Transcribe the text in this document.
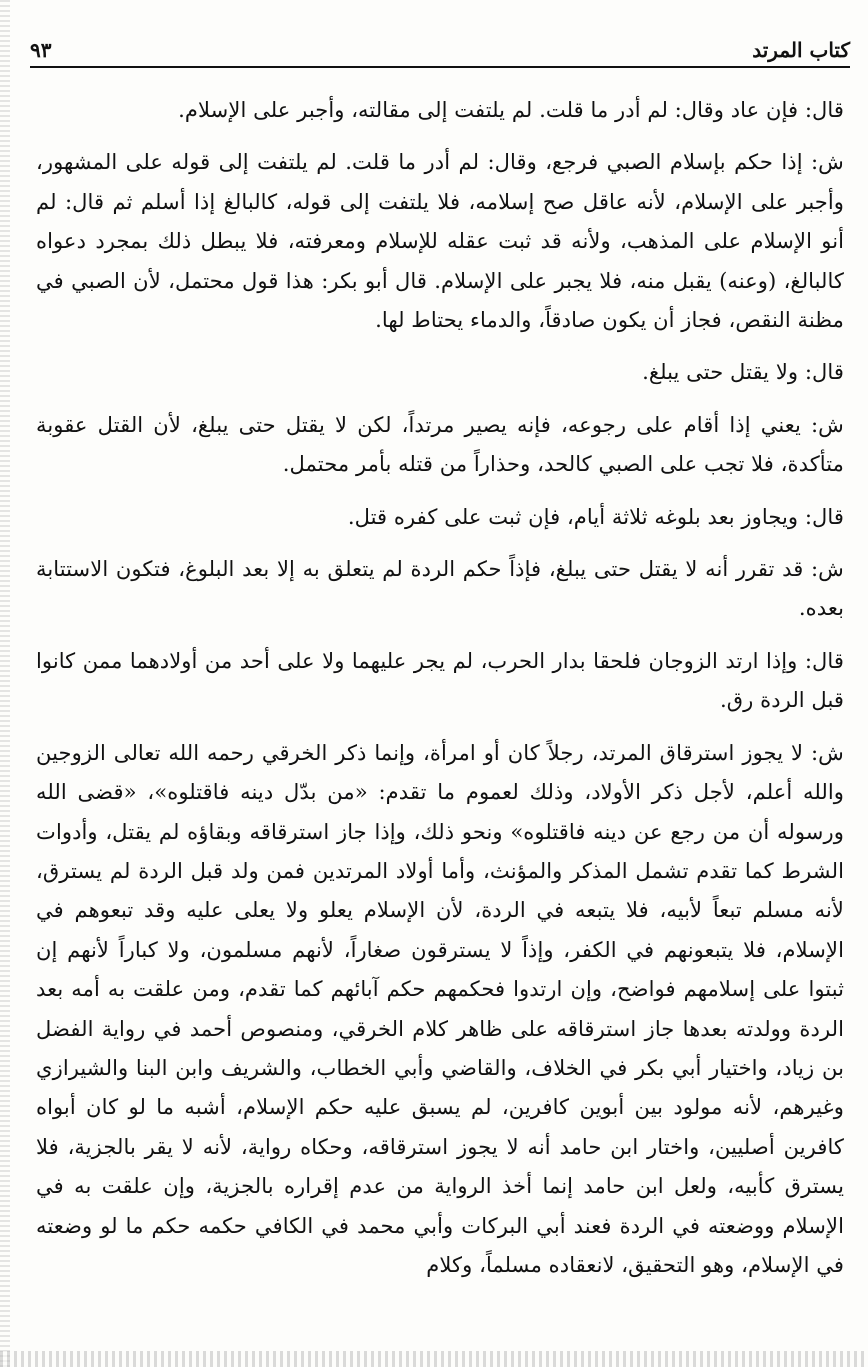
كتاب المرتد
٩٣

قال: فإن عاد وقال: لم أدر ما قلت. لم يلتفت إلى مقالته، وأجبر على الإسلام.

ش: إذا حكم بإسلام الصبي فرجع، وقال: لم أدر ما قلت. لم يلتفت إلى قوله على المشهور، وأجبر على الإسلام، لأنه عاقل صح إسلامه، فلا يلتفت إلى قوله، كالبالغ إذا أسلم ثم قال: لم أنو الإسلام على المذهب، ولأنه قد ثبت عقله للإسلام ومعرفته، فلا يبطل ذلك بمجرد دعواه كالبالغ، (وعنه) يقبل منه، فلا يجبر على الإسلام. قال أبو بكر: هذا قول محتمل، لأن الصبي في مظنة النقص، فجاز أن يكون صادقاً، والدماء يحتاط لها.

قال: ولا يقتل حتى يبلغ.

ش: يعني إذا أقام على رجوعه، فإنه يصير مرتداً، لكن لا يقتل حتى يبلغ، لأن القتل عقوبة متأكدة، فلا تجب على الصبي كالحد، وحذاراً من قتله بأمر محتمل.

قال: ويجاوز بعد بلوغه ثلاثة أيام، فإن ثبت على كفره قتل.

ش: قد تقرر أنه لا يقتل حتى يبلغ، فإذاً حكم الردة لم يتعلق به إلا بعد البلوغ، فتكون الاستتابة بعده.

قال: وإذا ارتد الزوجان فلحقا بدار الحرب، لم يجر عليهما ولا على أحد من أولادهما ممن كانوا قبل الردة رق.

ش: لا يجوز استرقاق المرتد، رجلاً كان أو امرأة، وإنما ذكر الخرقي رحمه الله تعالى الزوجين والله أعلم، لأجل ذكر الأولاد، وذلك لعموم ما تقدم: «من بدّل دينه فاقتلوه»، «قضى الله ورسوله أن من رجع عن دينه فاقتلوه» ونحو ذلك، وإذا جاز استرقاقه وبقاؤه لم يقتل، وأدوات الشرط كما تقدم تشمل المذكر والمؤنث، وأما أولاد المرتدين فمن ولد قبل الردة لم يسترق، لأنه مسلم تبعاً لأبيه، فلا يتبعه في الردة، لأن الإسلام يعلو ولا يعلى عليه وقد تبعوهم في الإسلام، فلا يتبعونهم في الكفر، وإذاً لا يسترقون صغاراً، لأنهم مسلمون، ولا كباراً لأنهم إن ثبتوا على إسلامهم فواضح، وإن ارتدوا فحكمهم حكم آبائهم كما تقدم، ومن علقت به أمه بعد الردة وولدته بعدها جاز استرقاقه على ظاهر كلام الخرقي، ومنصوص أحمد في رواية الفضل بن زياد، واختيار أبي بكر في الخلاف، والقاضي وأبي الخطاب، والشريف وابن البنا والشيرازي وغيرهم، لأنه مولود بين أبوين كافرين، لم يسبق عليه حكم الإسلام، أشبه ما لو كان أبواه كافرين أصليين، واختار ابن حامد أنه لا يجوز استرقاقه، وحكاه رواية، لأنه لا يقر بالجزية، فلا يسترق كأبيه، ولعل ابن حامد إنما أخذ الرواية من عدم إقراره بالجزية، وإن علقت به في الإسلام ووضعته في الردة فعند أبي البركات وأبي محمد في الكافي حكمه حكم ما لو وضعته في الإسلام، وهو التحقيق، لانعقاده مسلماً، وكلام
